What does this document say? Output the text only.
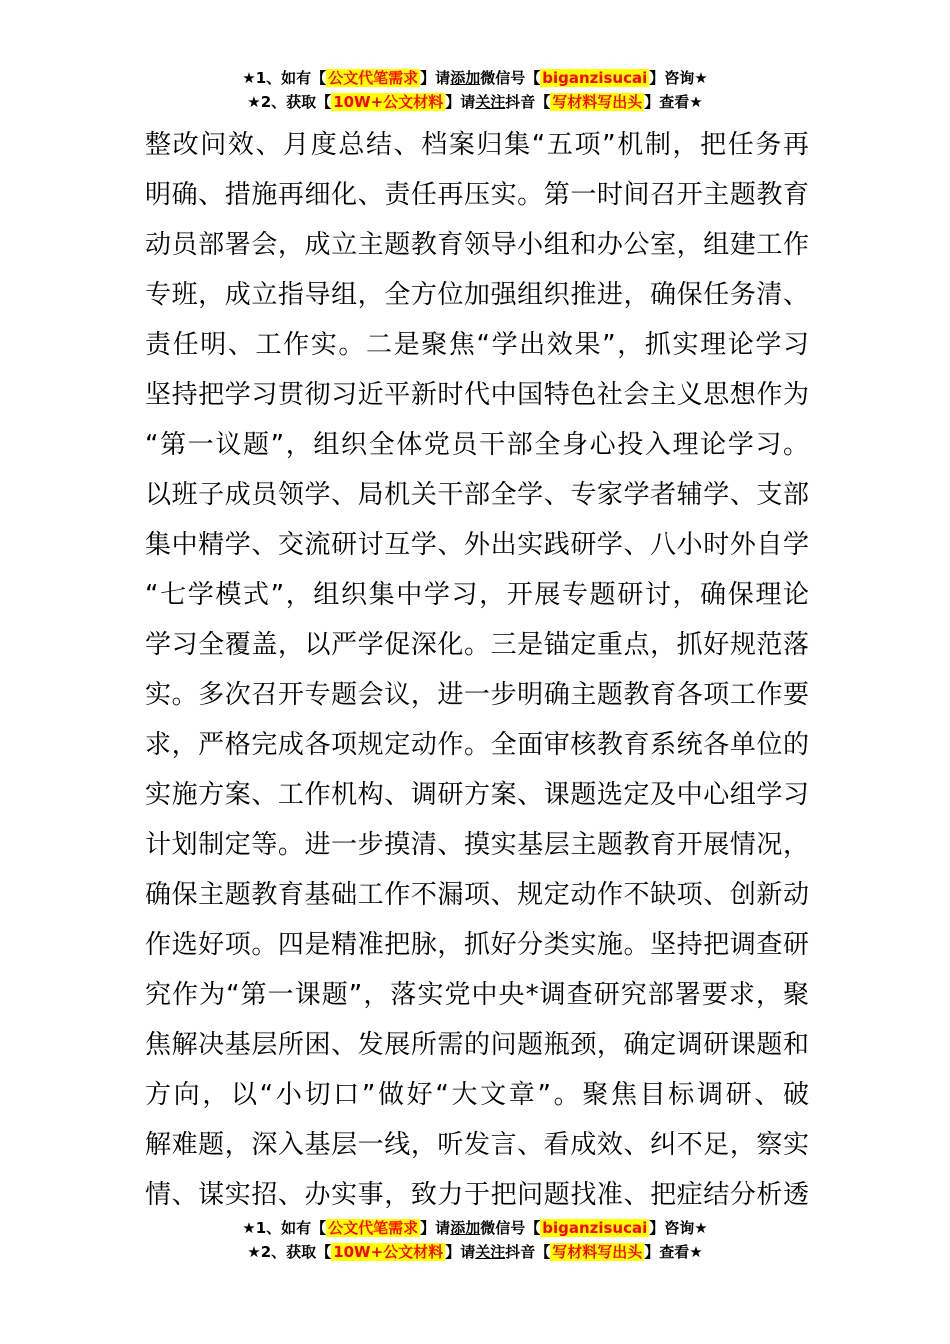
★1、如有【 公文代笔需求 】请添加微信号【 biganzisucai 】咨询★
★2、获取【 10W+公文材料 】请关注抖音【 写材料写出头 】查看★
整改问效、月度总结、档案归集“五项”机制，把任务再
明确、措施再细化、责任再压实。第一时间召开主题教育
动员部署会，成立主题教育领导小组和办公室，组建工作
专班，成立指导组，全方位加强组织推进，确保任务清、
责任明、工作实。二是聚焦“学出效果”，抓实理论学习
坚持把学习贯彻习近平新时代中国特色社会主义思想作为
“第一议题”，组织全体党员干部全身心投入理论学习。
以班子成员领学、局机关干部全学、专家学者辅学、支部
集中精学、交流研讨互学、外出实践研学、八小时外自学
“七学模式”，组织集中学习，开展专题研讨，确保理论
学习全覆盖，以严学促深化。三是锚定重点，抓好规范落
实。多次召开专题会议，进一步明确主题教育各项工作要
求，严格完成各项规定动作。全面审核教育系统各单位的
实施方案、工作机构、调研方案、课题选定及中心组学习
计划制定等。进一步摸清、摸实基层主题教育开展情况，
确保主题教育基础工作不漏项、规定动作不缺项、创新动
作选好项。四是精准把脉，抓好分类实施。坚持把调查研
究作为“第一课题”，落实党中央*调查研究部署要求，聚
焦解决基层所困、发展所需的问题瓶颈，确定调研课题和
方向，以“小切口”做好“大文章”。聚焦目标调研、破
解难题，深入基层一线，听发言、看成效、纠不足，察实
情、谋实招、办实事，致力于把问题找准、把症结分析透
★1、如有【 公文代笔需求 】请添加微信号【 biganzisucai 】咨询★
★2、获取【 10W+公文材料 】请关注抖音【 写材料写出头 】查看★
